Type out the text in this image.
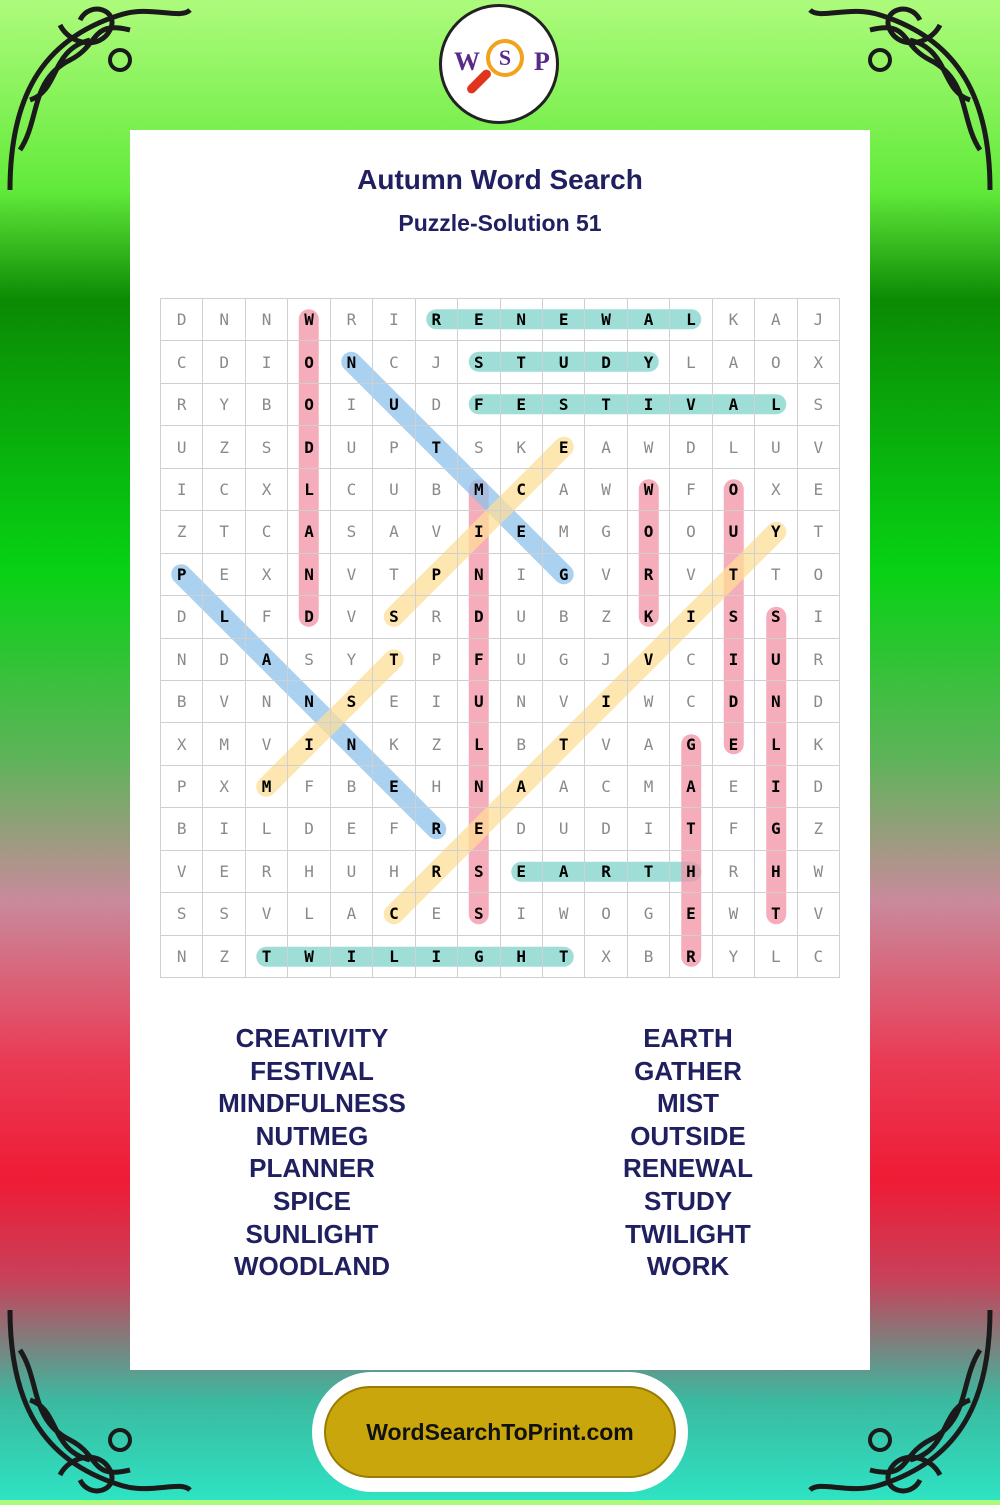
Autumn Word Search
Puzzle-Solution 51
W S P
D	N	N	W	R	I	R	E	N	E	W	A	L	K	A	J
C	D	I	O	N	C	J	S	T	U	D	Y	L	A	O	X
R	Y	B	O	I	U	D	F	E	S	T	I	V	A	L	S
U	Z	S	D	U	P	T	S	K	E	A	W	D	L	U	V
I	C	X	L	C	U	B	M	C	A	W	W	F	O	X	E
Z	T	C	A	S	A	V	I	E	M	G	O	O	U	Y	T
P	E	X	N	V	T	P	N	I	G	V	R	V	T	T	O
D	L	F	D	V	S	R	D	U	B	Z	K	I	S	S	I
N	D	A	S	Y	T	P	F	U	G	J	V	C	I	U	R
B	V	N	N	S	E	I	U	N	V	I	W	C	D	N	D
X	M	V	I	N	K	Z	L	B	T	V	A	G	E	L	K
P	X	M	F	B	E	H	N	A	A	C	M	A	E	I	D
B	I	L	D	E	F	R	E	D	U	D	I	T	F	G	Z
V	E	R	H	U	H	R	S	E	A	R	T	H	R	H	W
S	S	V	L	A	C	E	S	I	W	O	G	E	W	T	V
N	Z	T	W	I	L	I	G	H	T	X	B	R	Y	L	C
CREATIVITY
FESTIVAL
MINDFULNESS
NUTMEG
PLANNER
SPICE
SUNLIGHT
WOODLAND
EARTH
GATHER
MIST
OUTSIDE
RENEWAL
STUDY
TWILIGHT
WORK
WordSearchToPrint.com
